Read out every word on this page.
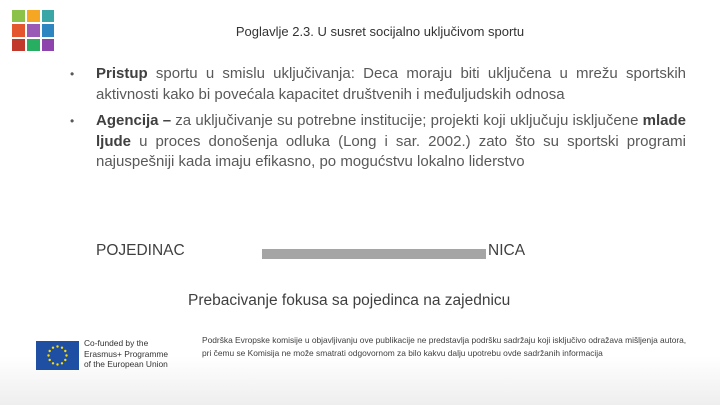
Poglavlje 2.3. U susret socijalno uključivom sportu
• Pristup sportu u smislu uključivanja: Deca moraju biti uključena u mrežu sportskih aktivnosti kako bi povećala kapacitet društvenih i međuljudskih odnosa
• Agencija – za uključivanje su potrebne institucije; projekti koji uključuju isključene mlade ljude u proces donošenja odluka (Long i sar. 2002.) zato što su sportski programi najuspešniji kada imaju efikasno, po mogućstvu lokalno liderstvo
POJEDINAC	NICA
Prebacivanje fokusa sa pojedinca na zajednicu
Co-funded by the
Erasmus+ Programme
of the European Union
Podrška Evropske komisije u objavljivanju ove publikacije ne predstavlja podršku sadržaju koji isključivo odražava mišljenja autora, pri čemu se Komisija ne može smatrati odgovornom za bilo kakvu dalju upotrebu ovde sadržanih informacija
